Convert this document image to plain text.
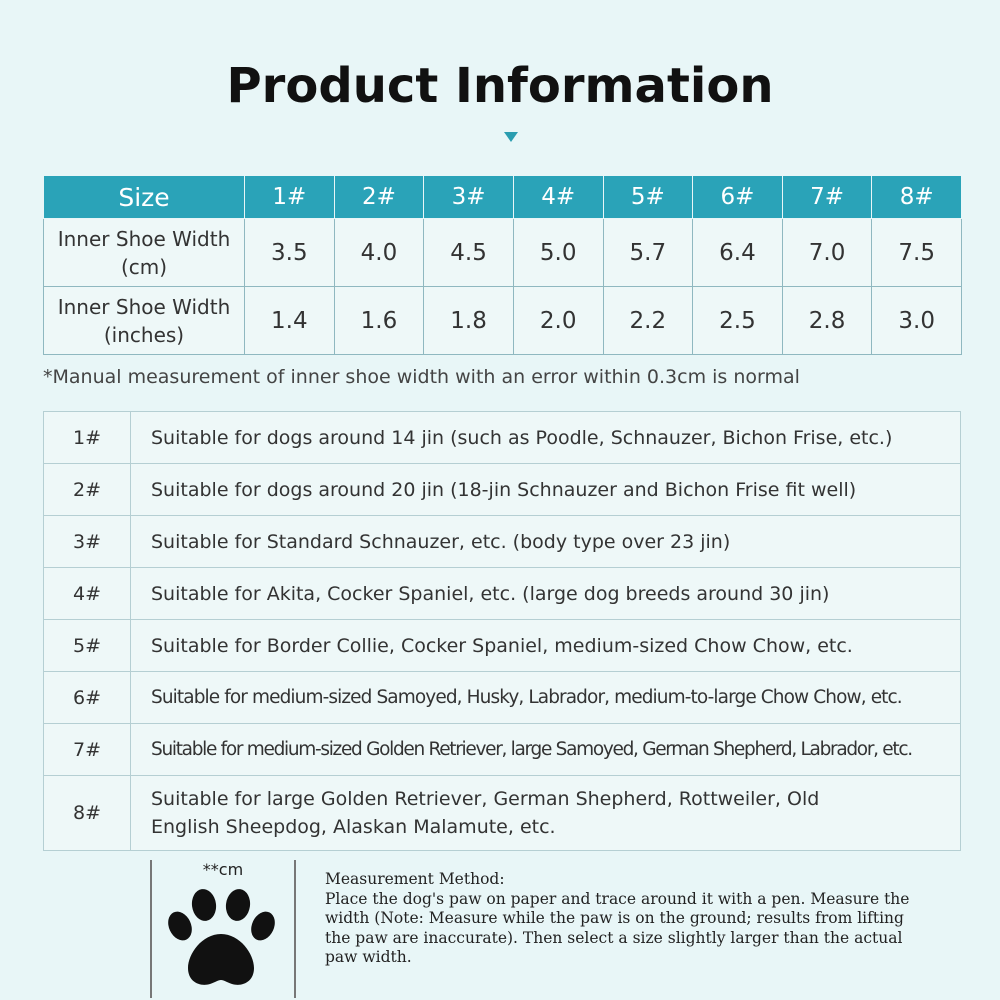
Product Information
Size	1#	2#	3#	4#	5#	6#	7#	8#
Inner Shoe Width
(cm)	3.5	4.0	4.5	5.0	5.7	6.4	7.0	7.5
Inner Shoe Width
(inches)	1.4	1.6	1.8	2.0	2.2	2.5	2.8	3.0
*Manual measurement of inner shoe width with an error within 0.3cm is normal
1#	Suitable for dogs around 14 jin (such as Poodle, Schnauzer, Bichon Frise, etc.)
2#	Suitable for dogs around 20 jin (18-jin Schnauzer and Bichon Frise fit well)
3#	Suitable for Standard Schnauzer, etc. (body type over 23 jin)
4#	Suitable for Akita, Cocker Spaniel, etc. (large dog breeds around 30 jin)
5#	Suitable for Border Collie, Cocker Spaniel, medium-sized Chow Chow, etc.
6#	Suitable for medium-sized Samoyed, Husky, Labrador, medium-to-large Chow Chow, etc.
7#	Suitable for medium-sized Golden Retriever, large Samoyed, German Shepherd, Labrador, etc.
8#	Suitable for large Golden Retriever, German Shepherd, Rottweiler, Old English Sheepdog, Alaskan Malamute, etc.
**cm	Measurement Method:
Place the dog's paw on paper and trace around it with a pen. Measure the width (Note: Measure while the paw is on the ground; results from lifting the paw are inaccurate). Then select a size slightly larger than the actual paw width.
